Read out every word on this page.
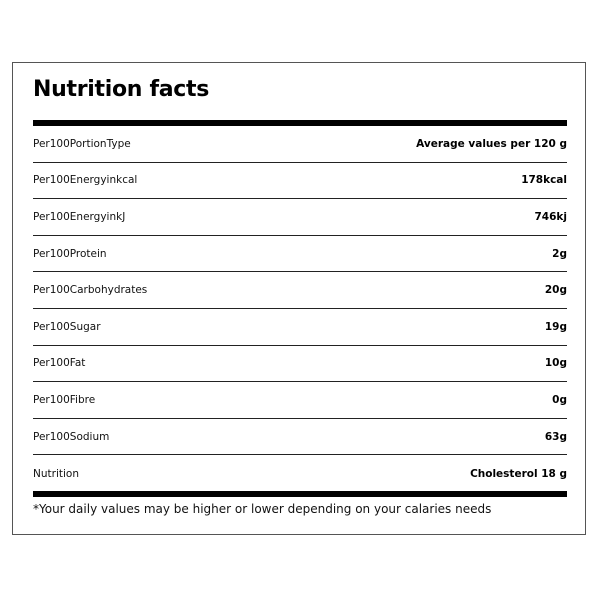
Nutrition facts
Per100PortionType	Average values per 120 g
Per100Energyinkcal	178kcal
Per100EnergyinkJ	746kj
Per100Protein	2g
Per100Carbohydrates	20g
Per100Sugar	19g
Per100Fat	10g
Per100Fibre	0g
Per100Sodium	63g
Nutrition	Cholesterol 18 g
*Your daily values may be higher or lower depending on your calaries needs
